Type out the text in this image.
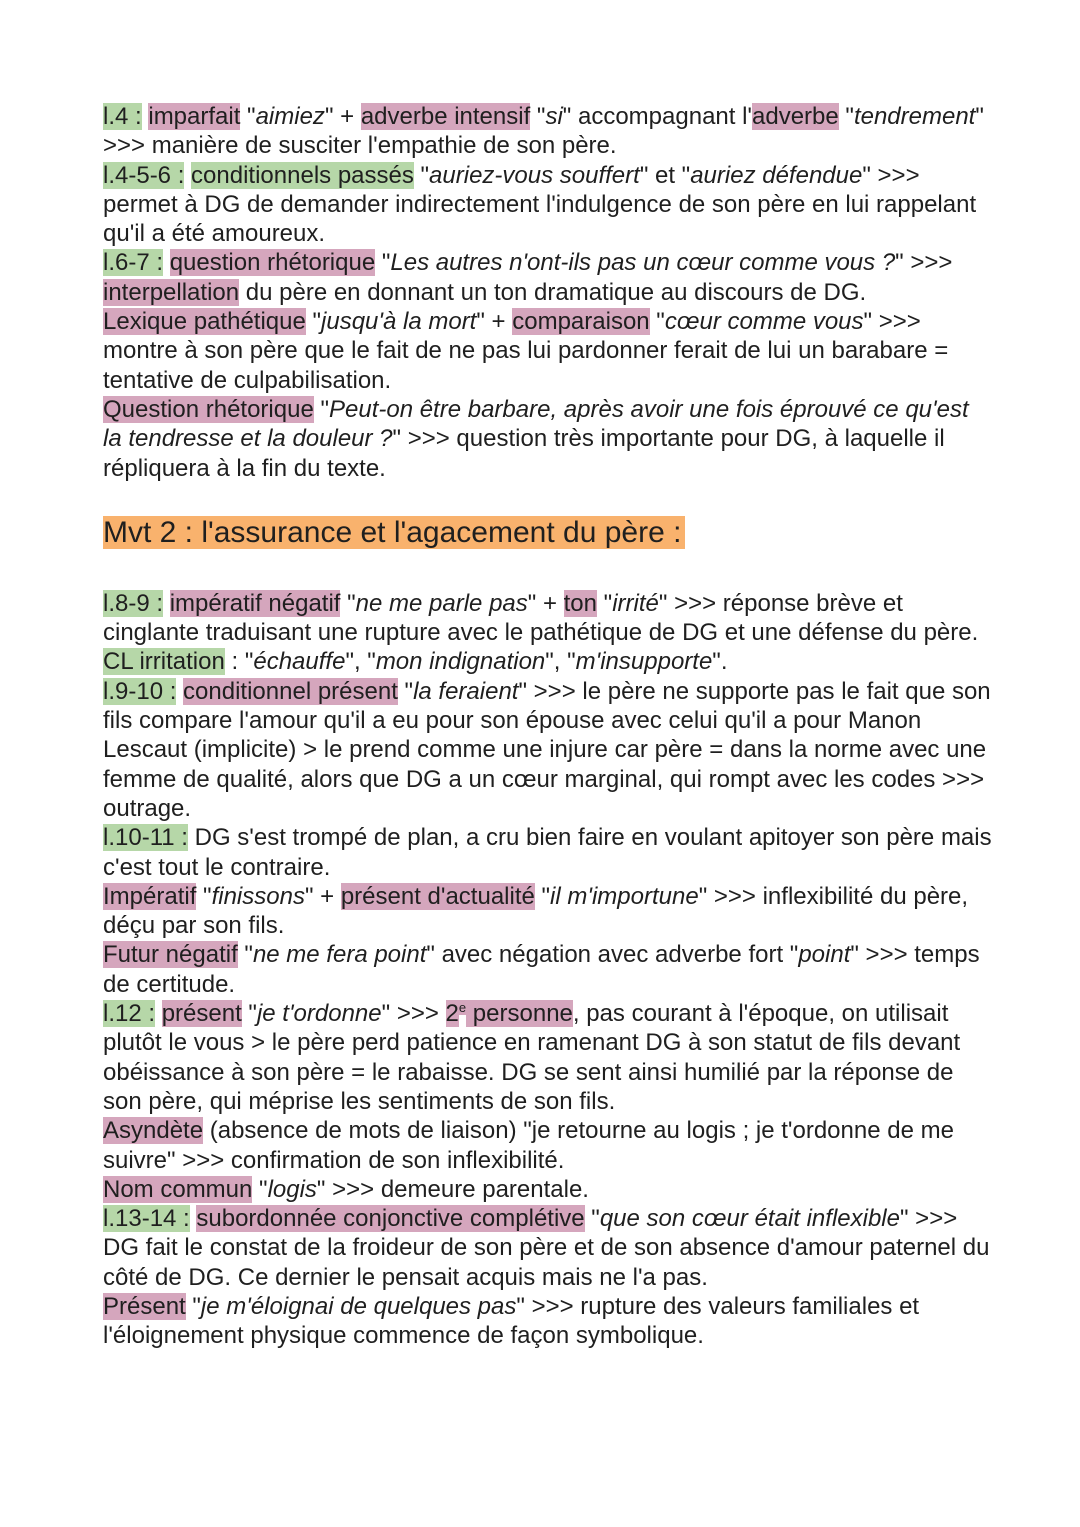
l.4 : imparfait "aimiez" + adverbe intensif "si" accompagnant l'adverbe "tendrement" >>> manière de susciter l'empathie de son père.

l.4-5-6 : conditionnels passés "auriez-vous souffert" et "auriez défendue" >>> permet à DG de demander indirectement l'indulgence de son père en lui rappelant qu'il a été amoureux.

l.6-7 : question rhétorique "Les autres n'ont-ils pas un cœur comme vous ?" >>> interpellation du père en donnant un ton dramatique au discours de DG.

Lexique pathétique "jusqu'à la mort" + comparaison "cœur comme vous" >>> montre à son père que le fait de ne pas lui pardonner ferait de lui un barabare = tentative de culpabilisation.

Question rhétorique "Peut-on être barbare, après avoir une fois éprouvé ce qu'est la tendresse et la douleur ?" >>> question très importante pour DG, à laquelle il répliquera à la fin du texte.

Mvt 2 : l'assurance et l'agacement du père :

l.8-9 : impératif négatif "ne me parle pas" + ton "irrité" >>> réponse brève et cinglante traduisant une rupture avec le pathétique de DG et une défense du père.

CL irritation : "échauffe", "mon indignation", "m'insupporte".

l.9-10 : conditionnel présent "la feraient" >>> le père ne supporte pas le fait que son fils compare l'amour qu'il a eu pour son épouse avec celui qu'il a pour Manon Lescaut (implicite) > le prend comme une injure car père = dans la norme avec une femme de qualité, alors que DG a un cœur marginal, qui rompt avec les codes >>> outrage.

l.10-11 : DG s'est trompé de plan, a cru bien faire en voulant apitoyer son père mais c'est tout le contraire.

Impératif "finissons" + présent d'actualité "il m'importune" >>> inflexibilité du père, déçu par son fils.

Futur négatif "ne me fera point" avec négation avec adverbe fort "point" >>> temps de certitude.

l.12 : présent "je t'ordonne" >>> $2^e$ personne, pas courant à l'époque, on utilisait plutôt le vous > le père perd patience en ramenant DG à son statut de fils devant obéissance à son père = le rabaisse. DG se sent ainsi humilié par la réponse de son père, qui méprise les sentiments de son fils.

Asyndète (absence de mots de liaison) "je retourne au logis ; je t'ordonne de me suivre" >>> confirmation de son inflexibilité.

Nom commun "logis" >>> demeure parentale.

l.13-14 : subordonnée conjonctive complétive "que son cœur était inflexible" >>> DG fait le constat de la froideur de son père et de son absence d'amour paternel du côté de DG. Ce dernier le pensait acquis mais ne l'a pas.

Présent "je m'éloignai de quelques pas" >>> rupture des valeurs familiales et l'éloignement physique commence de façon symbolique.
